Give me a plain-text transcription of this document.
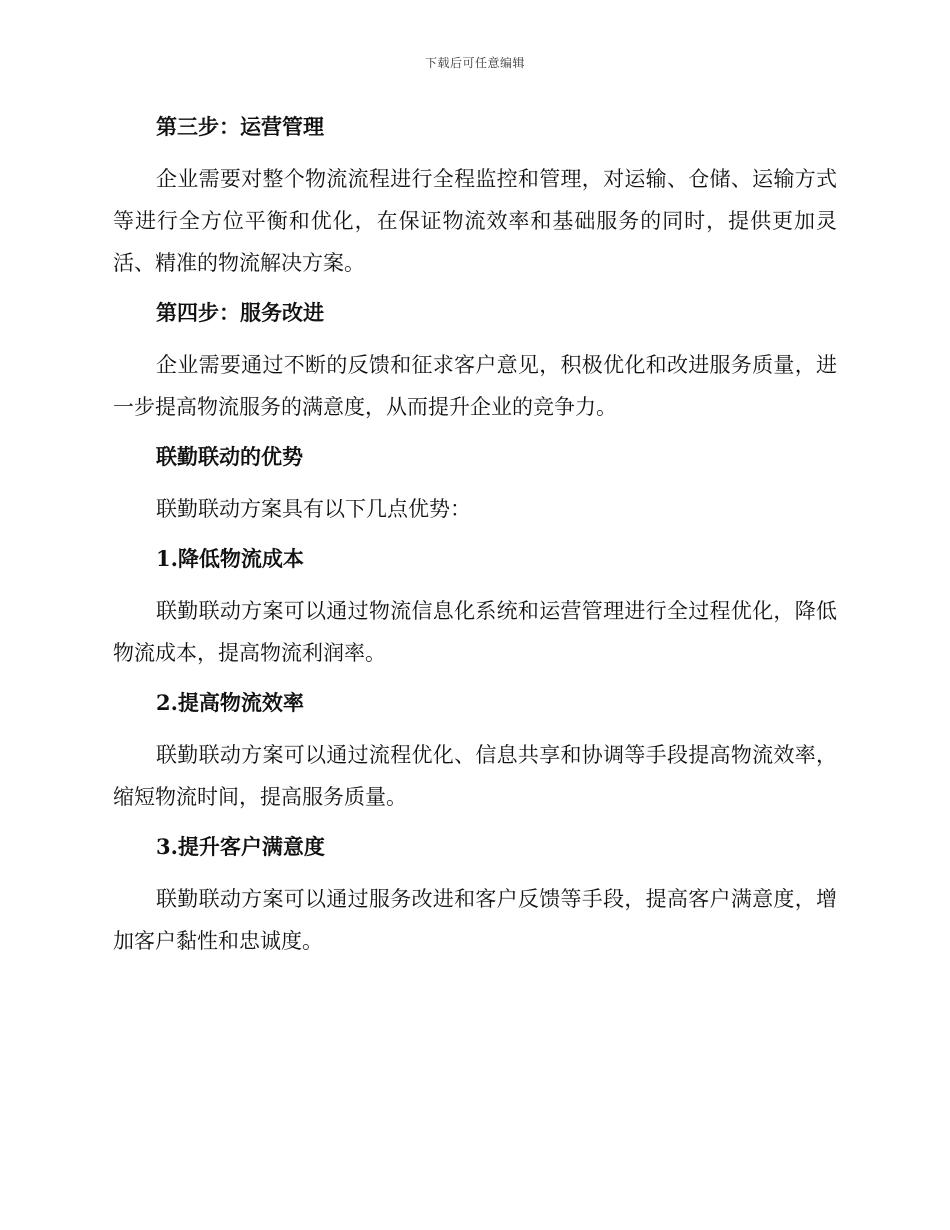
下载后可任意编辑
第三步：运营管理

企业需要对整个物流流程进行全程监控和管理，对运输、仓储、运输方式等进行全方位平衡和优化，在保证物流效率和基础服务的同时，提供更加灵活、精准的物流解决方案。

第四步：服务改进

企业需要通过不断的反馈和征求客户意见，积极优化和改进服务质量，进一步提高物流服务的满意度，从而提升企业的竞争力。

联勤联动的优势

联勤联动方案具有以下几点优势：

1.降低物流成本

联勤联动方案可以通过物流信息化系统和运营管理进行全过程优化，降低物流成本，提高物流利润率。

2.提高物流效率

联勤联动方案可以通过流程优化、信息共享和协调等手段提高物流效率，缩短物流时间，提高服务质量。

3.提升客户满意度

联勤联动方案可以通过服务改进和客户反馈等手段，提高客户满意度，增加客户黏性和忠诚度。
